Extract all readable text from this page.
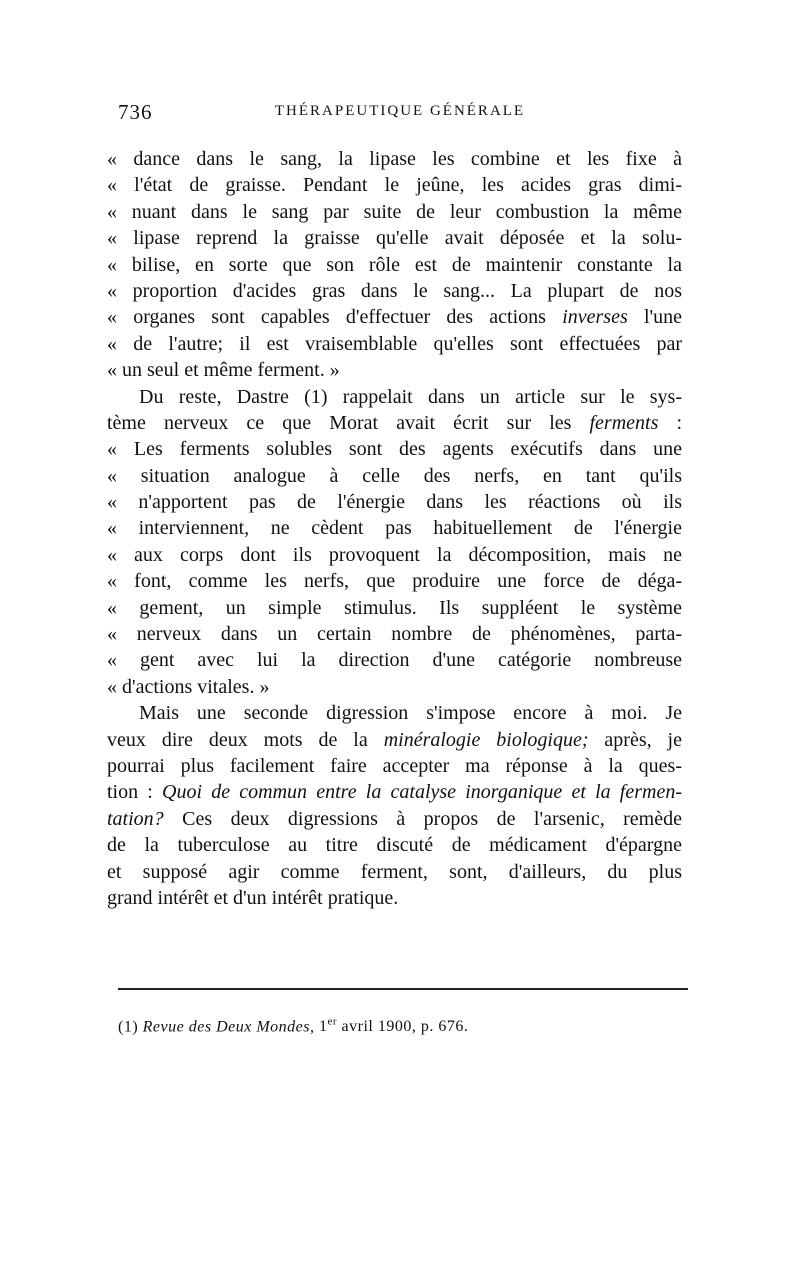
736	THÉRAPEUTIQUE GÉNÉRALE
« dance dans le sang, la lipase les combine et les fixe à
« l'état de graisse. Pendant le jeûne, les acides gras dimi-
« nuant dans le sang par suite de leur combustion la même
« lipase reprend la graisse qu'elle avait déposée et la solu-
« bilise, en sorte que son rôle est de maintenir constante la
« proportion d'acides gras dans le sang... La plupart de nos
« organes sont capables d'effectuer des actions inverses l'une
« de l'autre; il est vraisemblable qu'elles sont effectuées par
« un seul et même ferment. »
Du reste, Dastre (1) rappelait dans un article sur le sys-
tème nerveux ce que Morat avait écrit sur les ferments :
« Les ferments solubles sont des agents exécutifs dans une
« situation analogue à celle des nerfs, en tant qu'ils
« n'apportent pas de l'énergie dans les réactions où ils
« interviennent, ne cèdent pas habituellement de l'énergie
« aux corps dont ils provoquent la décomposition, mais ne
« font, comme les nerfs, que produire une force de déga-
« gement, un simple stimulus. Ils suppléent le système
« nerveux dans un certain nombre de phénomènes, parta-
« gent avec lui la direction d'une catégorie nombreuse
« d'actions vitales. »
Mais une seconde digression s'impose encore à moi. Je
veux dire deux mots de la minéralogie biologique; après, je
pourrai plus facilement faire accepter ma réponse à la ques-
tion : Quoi de commun entre la catalyse inorganique et la fermen-
tation? Ces deux digressions à propos de l'arsenic, remède
de la tuberculose au titre discuté de médicament d'épargne
et supposé agir comme ferment, sont, d'ailleurs, du plus
grand intérêt et d'un intérêt pratique.
(1) Revue des Deux Mondes, 1er avril 1900, p. 676.
